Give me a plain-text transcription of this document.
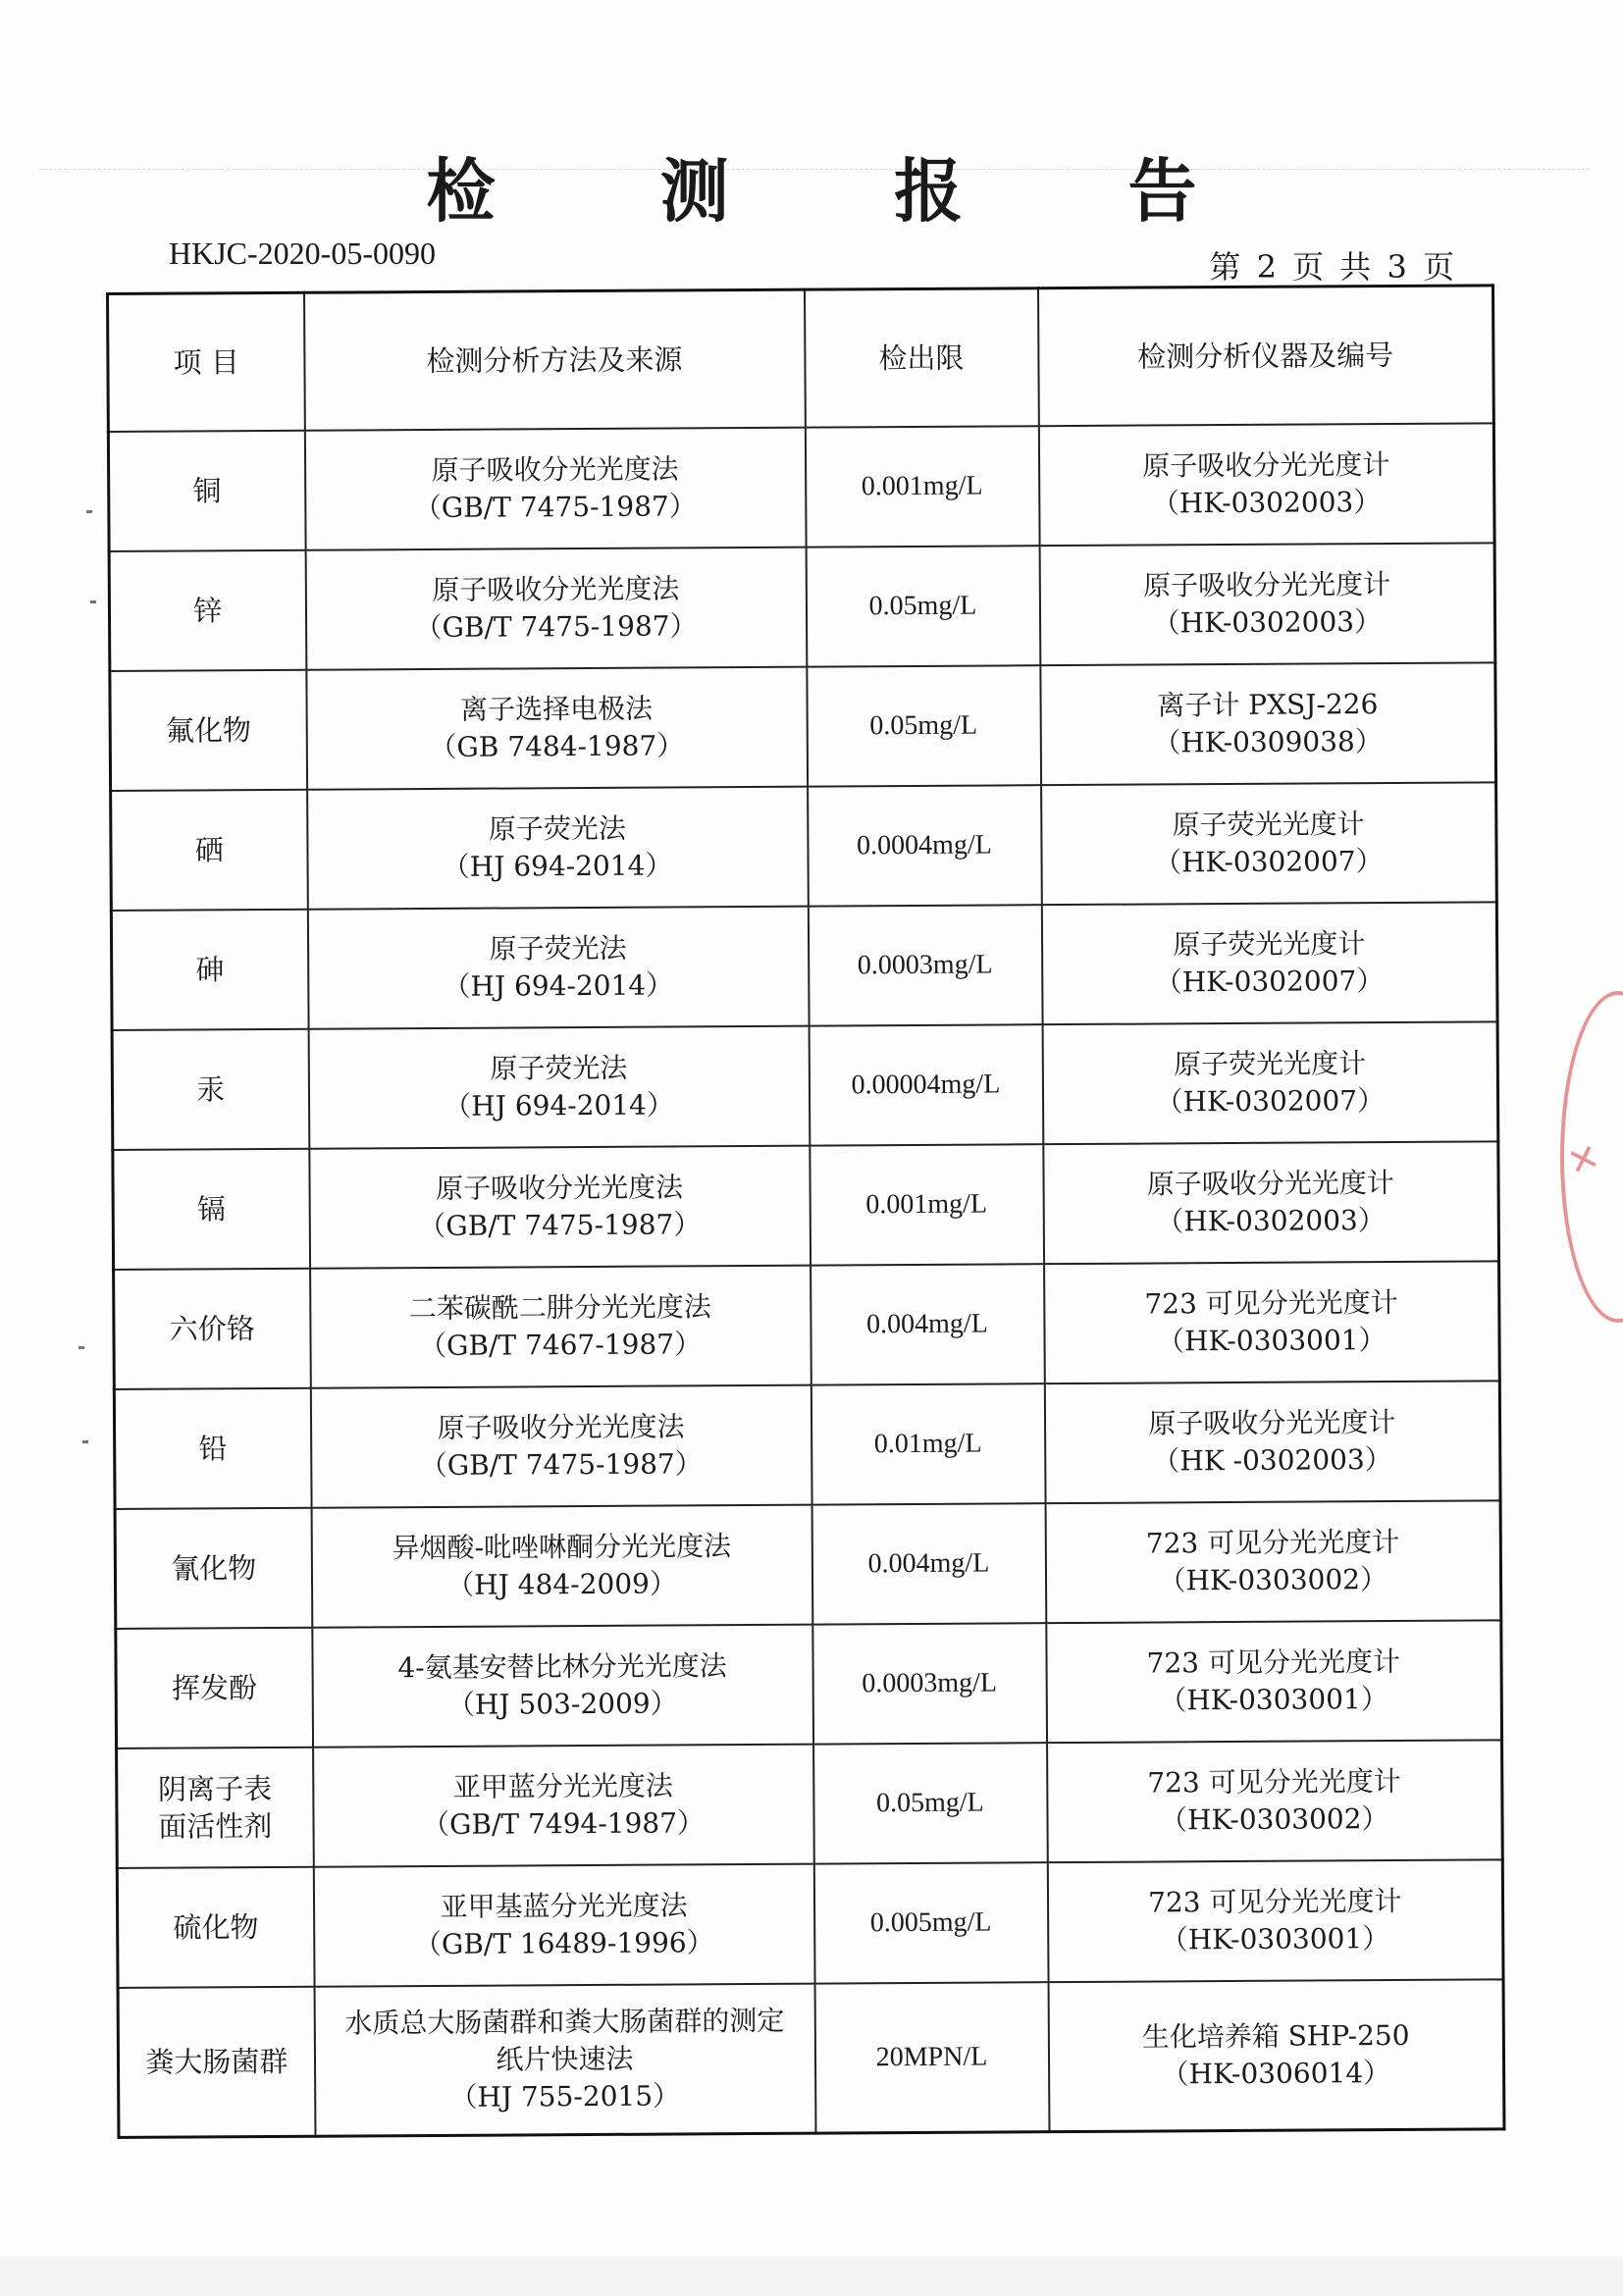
检 测 报 告
HKJC-2020-05-0090	第 2 页 共 3 页
项 目	检测分析方法及来源	检出限	检测分析仪器及编号
铜	原子吸收分光光度法
（GB/T 7475-1987）	0.001mg/L	原子吸收分光光度计
（HK-0302003）

锌	原子吸收分光光度法
（GB/T 7475-1987）	0.05mg/L	原子吸收分光光度计
（HK-0302003）

氟化物	离子选择电极法
（GB 7484-1987）	0.05mg/L	离子计 PXSJ-226
（HK-0309038）

硒	原子荧光法
（HJ 694-2014）	0.0004mg/L	原子荧光光度计
（HK-0302007）

砷	原子荧光法
（HJ 694-2014）	0.0003mg/L	原子荧光光度计
（HK-0302007）

汞	原子荧光法
（HJ 694-2014）	0.00004mg/L	原子荧光光度计
（HK-0302007）

镉	原子吸收分光光度法
（GB/T 7475-1987）	0.001mg/L	原子吸收分光光度计
（HK-0302003）

六价铬	二苯碳酰二肼分光光度法
（GB/T 7467-1987）	0.004mg/L	723 可见分光光度计
（HK-0303001）

铅	原子吸收分光光度法
（GB/T 7475-1987）	0.01mg/L	原子吸收分光光度计
（HK -0302003）

氰化物	异烟酸-吡唑啉酮分光光度法
（HJ 484-2009）	0.004mg/L	723 可见分光光度计
（HK-0303002）

挥发酚	4-氨基安替比林分光光度法
（HJ 503-2009）	0.0003mg/L	723 可见分光光度计
（HK-0303001）

阴离子表面活性剂	亚甲蓝分光光度法
（GB/T 7494-1987）	0.05mg/L	723 可见分光光度计
（HK-0303002）

硫化物	亚甲基蓝分光光度法
（GB/T 16489-1996）	0.005mg/L	723 可见分光光度计
（HK-0303001）

粪大肠菌群	水质总大肠菌群和粪大肠菌群的测定
纸片快速法
（HJ 755-2015）	20MPN/L	生化培养箱 SHP-250
（HK-0306014）
✕
